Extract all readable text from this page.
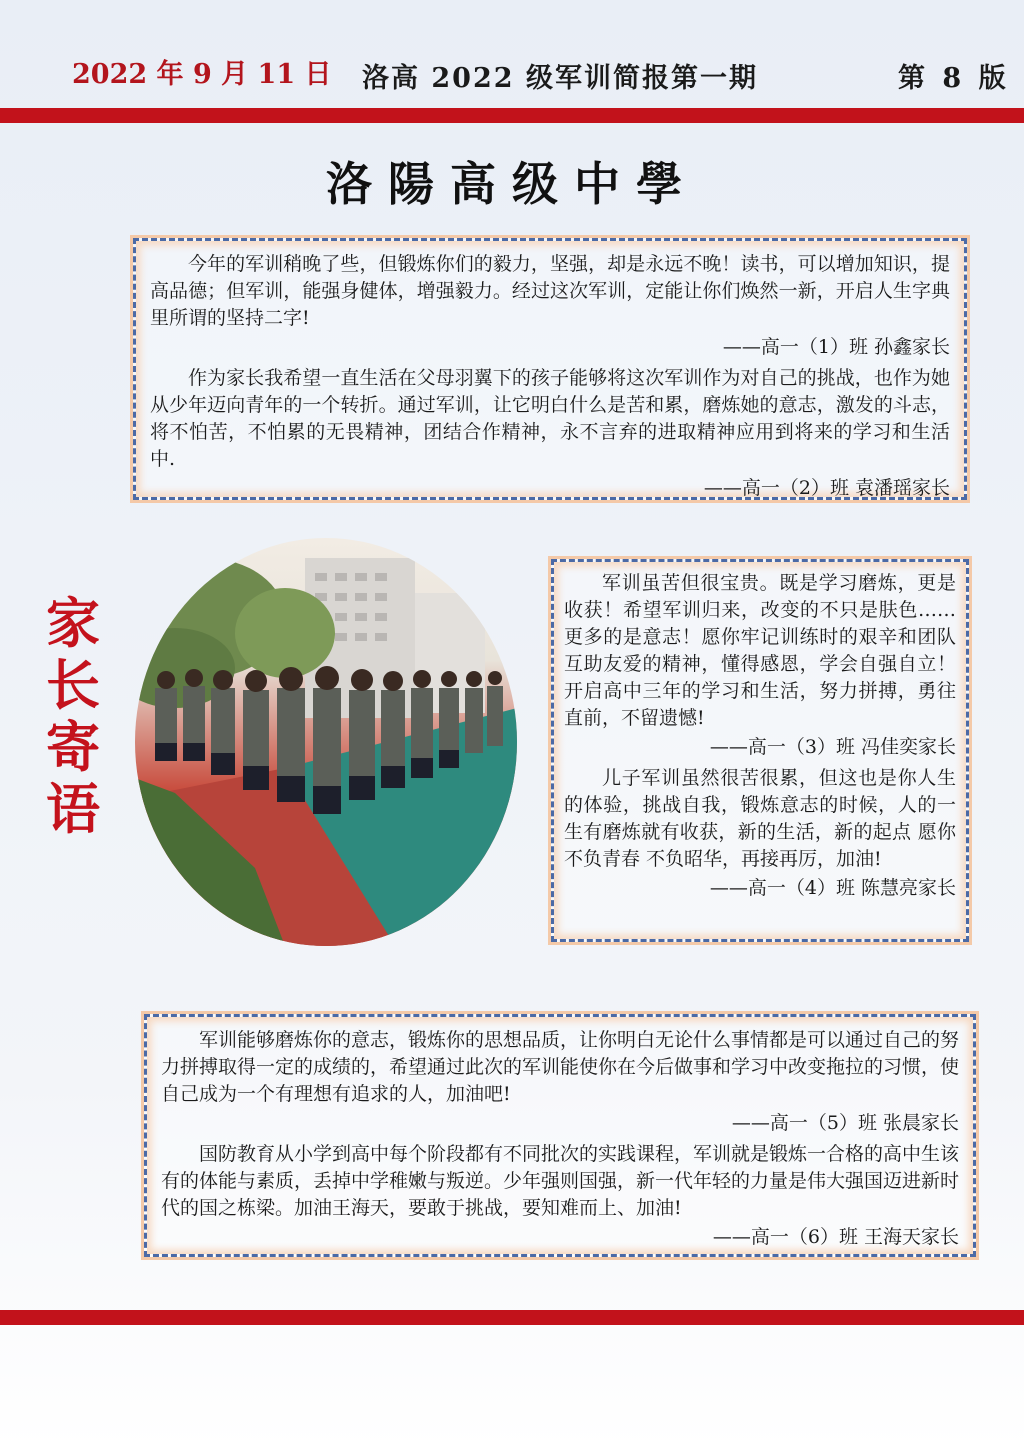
2022 年 9 月 11 日 洛高 2022 级军训简报第一期	第 8 版
洛陽高级中學

今年的军训稍晚了些，但锻炼你们的毅力，坚强，却是永远不晚！读书，可以增加知识，提高品德；但军训，能强身健体，增强毅力。经过这次军训，定能让你们焕然一新，开启人生字典里所谓的坚持二字!

——高一（1）班 孙鑫家长

作为家长我希望一直生活在父母羽翼下的孩子能够将这次军训作为对自己的挑战，也作为她从少年迈向青年的一个转折。通过军训，让它明白什么是苦和累，磨炼她的意志，激发的斗志，将不怕苦，不怕累的无畏精神，团结合作精神，永不言弃的进取精神应用到将来的学习和生活中.

——高一（2）班 袁潘瑶家长
家
长
寄
语

军训虽苦但很宝贵。既是学习磨炼，更是收获！希望军训归来，改变的不只是肤色……更多的是意志！愿你牢记训练时的艰辛和团队互助友爱的精神，懂得感恩，学会自强自立！开启高中三年的学习和生活，努力拼搏，勇往直前，不留遗憾!

——高一（3）班 冯佳奕家长

儿子军训虽然很苦很累，但这也是你人生的体验，挑战自我，锻炼意志的时候，人的一生有磨炼就有收获，新的生活，新的起点 愿你不负青春 不负昭华，再接再厉，加油!

——高一（4）班 陈慧亮家长

军训能够磨炼你的意志，锻炼你的思想品质，让你明白无论什么事情都是可以通过自己的努力拼搏取得一定的成绩的，希望通过此次的军训能使你在今后做事和学习中改变拖拉的习惯，使自己成为一个有理想有追求的人，加油吧!

——高一（5）班 张晨家长

国防教育从小学到高中每个阶段都有不同批次的实践课程，军训就是锻炼一合格的高中生该有的体能与素质，丢掉中学稚嫩与叛逆。少年强则国强，新一代年轻的力量是伟大强国迈进新时代的国之栋梁。加油王海天，要敢于挑战，要知难而上、加油!

——高一（6）班 王海天家长
